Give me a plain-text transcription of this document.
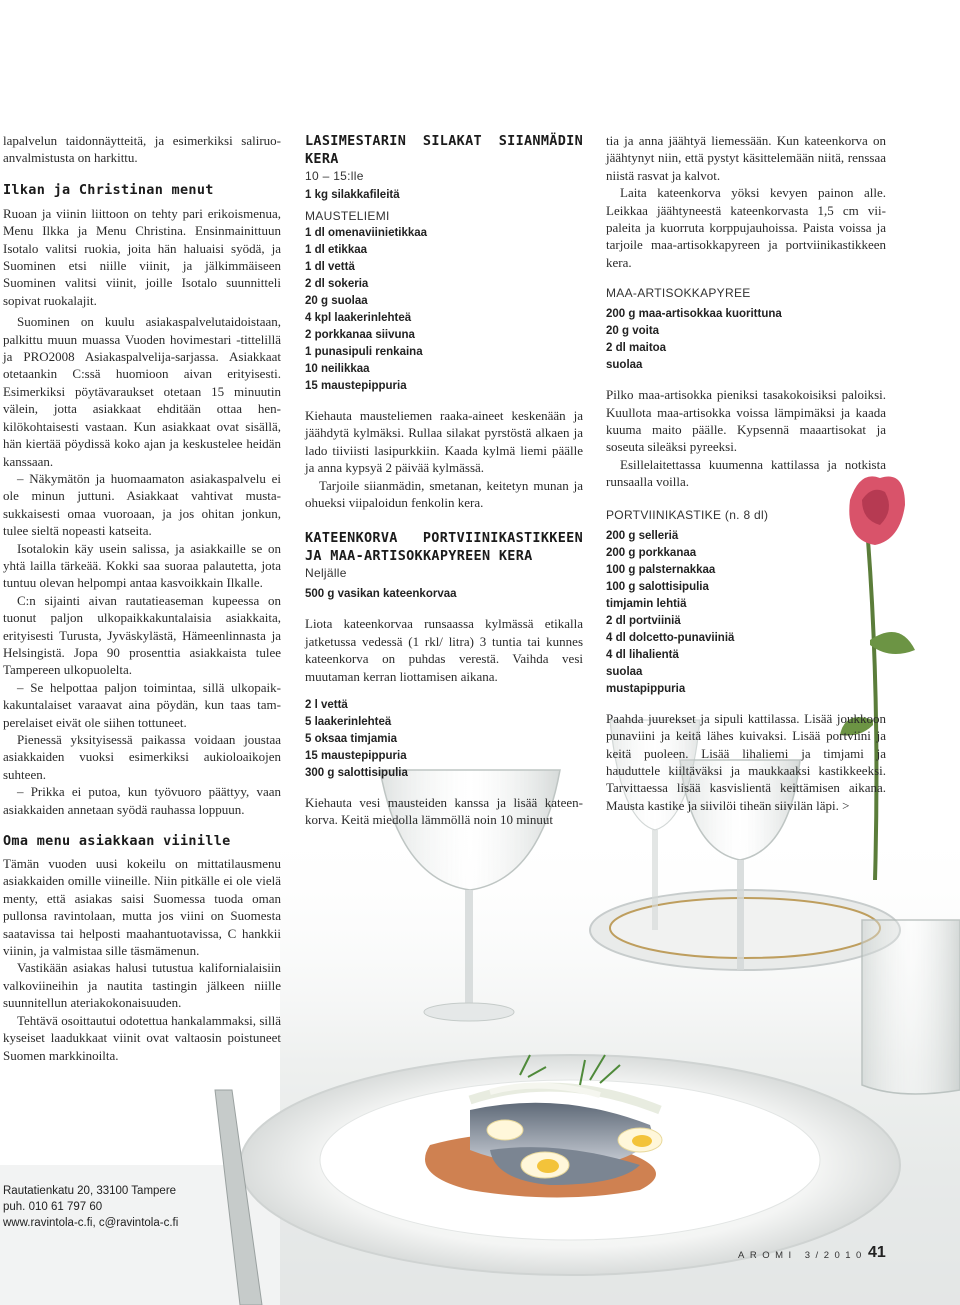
lapalvelun taidonnäytteitä, ja esimerkiksi saliruoanvalmistusta on harkittu.

Ilkan ja Christinan menut

Ruoan ja viinin liittoon on tehty pari erikoismenua, Menu Ilkka ja Menu Christina. Ensinmainittuun Isotalo valitsi ruokia, joita hän haluaisi syödä, ja Suominen etsi niille viinit, ja jälkimmäiseen Suominen valitsi viinit, joille Isotalo suunnitteli sopivat ruokalajit.

Suominen on kuulu asiakaspalvelutaidoistaan, palkittu muun muassa Vuoden hovimestari -tittelillä ja PRO2008 Asiakaspalvelija-sarjassa. Asiakkaat otetaankin C:ssä huomioon aivan erityisesti. Esimerkiksi pöytävaraukset otetaan 15 minuutin välein, jotta asiakkaat ehditään ottaa henkilökohtaisesti vastaan. Kun asiakkaat ovat sisällä, hän kiertää pöydissä koko ajan ja keskustelee heidän kanssaan.

– Näkymätön ja huomaamaton asiakaspalvelu ei ole minun juttuni. Asiakkaat vahtivat mustasukkaisesti omaa vuoroaan, ja jos ohitan jonkun, tulee sieltä nopeasti katseita.

Isotalokin käy usein salissa, ja asiakkaille se on yhtä lailla tärkeää. Kokki saa suoraa palautetta, jota tuntuu olevan helpompi antaa kasvoikkain Ilkalle.

C:n sijainti aivan rautatieaseman kupeessa on tuonut paljon ulkopaikkakuntalaisia asiakkaita, erityisesti Turusta, Jyväskylästä, Hämeenlinnasta ja Helsingistä. Jopa 90 prosenttia asiakkaista tulee Tampereen ulkopuolelta.

– Se helpottaa paljon toimintaa, sillä ulkopaikkakuntalaiset varaavat aina pöydän, kun taas tamperelaiset eivät ole siihen tottuneet.

Pienessä yksityisessä paikassa voidaan joustaa asiakkaiden vuoksi esimerkiksi aukioloaikojen suhteen.

– Prikka ei putoa, kun työvuoro päättyy, vaan asiakkaiden annetaan syödä rauhassa loppuun.

Oma menu asiakkaan viinille

Tämän vuoden uusi kokeilu on mittatilausmenu asiakkaiden omille viineille. Niin pitkälle ei ole vielä menty, että asiakas saisi Suomessa tuoda oman pullonsa ravintolaan, mutta jos viini on Suomesta saatavissa tai helposti maahantuotavissa, C hankkii viinin, ja valmistaa sille täsmämenun.

Vastikään asiakas halusi tutustua kalifornialaisiin valkoviineihin ja nautita tastingin jälkeen niille suunnitellun ateriakokonaisuuden.

Tehtävä osoittautui odotettua hankalammaksi, sillä kyseiset laadukkaat viinit ovat valtaosin poistuneet Suomen markkinoilta.

LASIMESTARIN SILAKAT SIIANMÄDIN KERA

10 – 15:lle

1 kg silakkafileitä

MAUSTELIEMI

1 dl omenaviinietikkaa

1 dl etikkaa

1 dl vettä

2 dl sokeria

20 g suolaa

4 kpl laakerinlehteä

2 porkkanaa siivuna

1 punasipuli renkaina

10 neilikkaa

15 maustepippuria

Kiehauta mausteliemen raaka-aineet keskenään ja jäähdytä kylmäksi. Rullaa silakat pyrstöstä alkaen ja lado tiiviisti lasipurkkiin. Kaada kylmä liemi päälle ja anna kypsyä 2 päivää kylmässä.

Tarjoile siianmädin, smetanan, keitetyn munan ja ohueksi viipaloidun fenkolin kera.

KATEENKORVA PORTVIINIKASTIKKEEN JA MAA-ARTISOKKAPYREEN KERA

Neljälle

500 g vasikan kateenkorvaa

Liota kateenkorvaa runsaassa kylmässä etikalla jatketussa vedessä (1 rkl/ litra) 3 tuntia tai kunnes kateenkorva on puhdas verestä. Vaihda vesi muutaman kerran liottamisen aikana.

2 l vettä

5 laakerinlehteä

5 oksaa timjamia

15 maustepippuria

300 g salottisipulia

Kiehauta vesi mausteiden kanssa ja lisää kateenkorva. Keitä miedolla lämmöllä noin 10 minuut

tia ja anna jäähtyä liemessään. Kun kateenkorva on jäähtynyt niin, että pystyt käsittelemään niitä, renssaa niistä rasvat ja kalvot.

Laita kateenkorva yöksi kevyen painon alle. Leikkaa jäähtyneestä kateenkorvasta 1,5 cm viipaleita ja kuorruta korppujauhoissa. Paista voissa ja tarjoile maa-artisokkapyreen ja portviinikastikkeen kera.

MAA-ARTISOKKAPYREE

200 g maa-artisokkaa kuorittuna

20 g voita

2 dl maitoa

suolaa

Pilko maa-artisokka pieniksi tasakokoisiksi paloiksi. Kuullota maa-artisokka voissa lämpimäksi ja kaada kuuma maito päälle. Kypsennä maaartisokat ja soseuta sileäksi pyreeksi.

Esillelaitettassa kuumenna kattilassa ja notkista runsaalla voilla.

PORTVIINIKASTIKE (n. 8 dl)

200 g selleriä

200 g porkkanaa

100 g palsternakkaa

100 g salottisipulia

timjamin lehtiä

2 dl portviiniä

4 dl dolcetto-punaviiniä

4 dl lihalientä

suolaa

mustapippuria

Paahda juurekset ja sipuli kattilassa. Lisää joukkoon punaviini ja keitä lähes kuivaksi. Lisää portviini ja keitä puoleen. Lisää lihaliemi ja timjami ja hauduttele kiiltäväksi ja maukkaaksi kastikkeeksi. Tarvittaessa lisää kasvislientä keittämisen aikana. Mausta kastike ja siivilöi tiheän siivilän läpi. >

Rautatienkatu 20, 33100 Tampere
puh. 010 61 797 60
www.ravintola-c.fi, c@ravintola-c.fi
AROMI 3/2010 41
